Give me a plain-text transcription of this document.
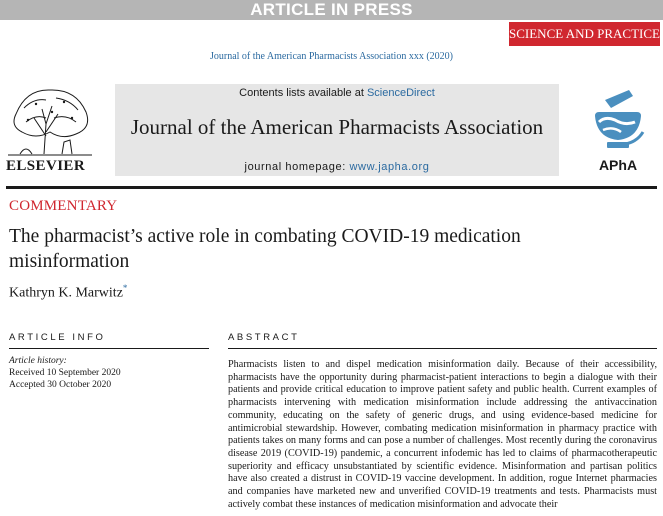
ARTICLE IN PRESS
SCIENCE AND PRACTICE
Journal of the American Pharmacists Association xxx (2020)
ELSEVIER
Contents lists available at ScienceDirect
Journal of the American Pharmacists Association
journal homepage: www.japha.org	APhA
COMMENTARY
The pharmacist’s active role in combating COVID-19 medication misinformation
Kathryn K. Marwitz*
ARTICLE INFO	ABSTRACT
Article history:
Received 10 September 2020
Accepted 30 October 2020
Pharmacists listen to and dispel medication misinformation daily. Because of their accessibility, pharmacists have the opportunity during pharmacist-patient interactions to begin a dialogue with their patients and provide critical education to improve patient safety and public health. Current examples of pharmacists intervening with medication misinformation include addressing the antivaccination community, educating on the safety of generic drugs, and using evidence-based medicine for antimicrobial stewardship. However, combating medication misinformation in pharmacy practice with patients takes on many forms and can pose a number of challenges. Most recently during the coronavirus disease 2019 (COVID-19) pandemic, a concurrent infodemic has led to claims of pharmacotherapeutic superiority and efficacy unsubstantiated by scientific evidence. Misinformation and partisan politics have also created a distrust in COVID-19 vaccine development. In addition, rogue Internet pharmacies and companies have marketed new and unverified COVID-19 treatments and tests. Pharmacists must actively combat these instances of medication misinformation and advocate their
